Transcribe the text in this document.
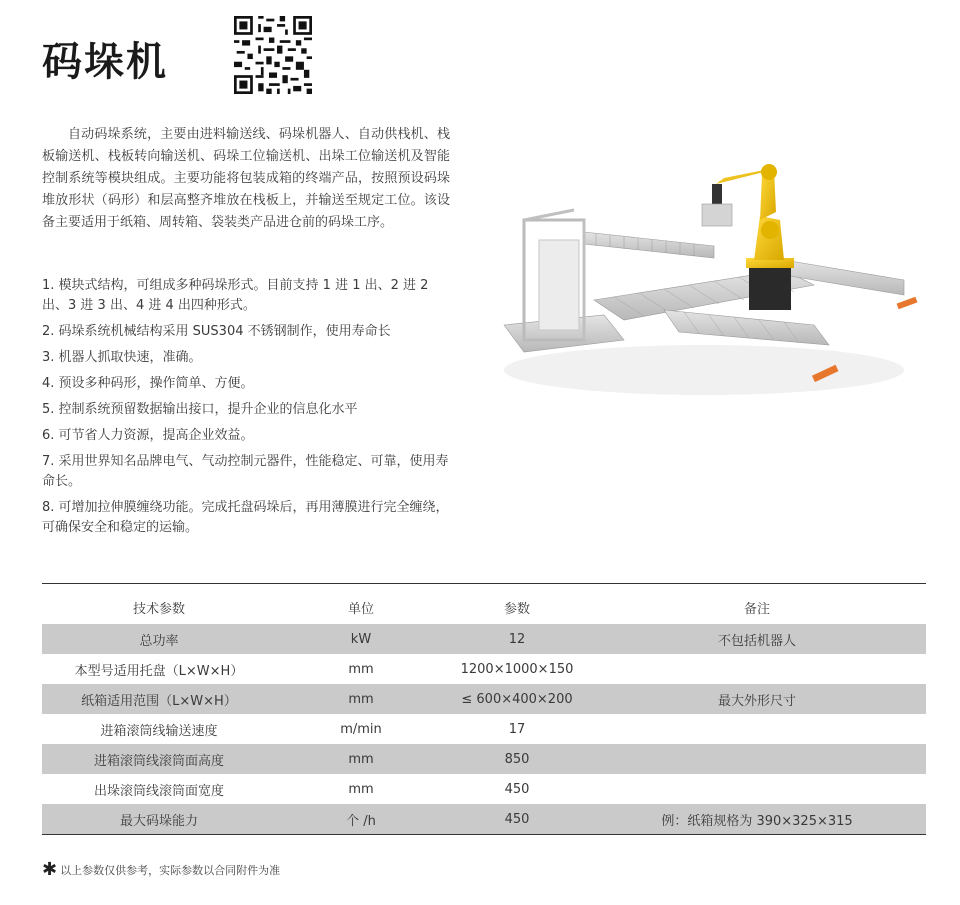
码垛机

自动码垛系统，主要由进料输送线、码垛机器人、自动供栈机、栈板输送机、栈板转向输送机、码垛工位输送机、出垛工位输送机及智能控制系统等模块组成。主要功能将包装成箱的终端产品，按照预设码垛堆放形状（码形）和层高整齐堆放在栈板上，并输送至规定工位。该设备主要适用于纸箱、周转箱、袋装类产品进仓前的码垛工序。

1. 模块式结构，可组成多种码垛形式。目前支持 1 进 1 出、2 进 2 出、3 进 3 出、4 进 4 出四种形式。
2. 码垛系统机械结构采用 SUS304 不锈钢制作，使用寿命长
3. 机器人抓取快速，准确。
4. 预设多种码形，操作简单、方便。
5. 控制系统预留数据输出接口，提升企业的信息化水平
6. 可节省人力资源，提高企业效益。
7. 采用世界知名品牌电气、气动控制元器件，性能稳定、可靠，使用寿命长。
8. 可增加拉伸膜缠绕功能。完成托盘码垛后，再用薄膜进行完全缠绕，可确保安全和稳定的运输。
技术参数	单位	参数	备注
总功率	kW	12	不包括机器人
本型号适用托盘（L×W×H）	mm	1200×1000×150	
纸箱适用范围（L×W×H）	mm	≤ 600×400×200	最大外形尺寸
进箱滚筒线输送速度	m/min	17	
进箱滚筒线滚筒面高度	mm	850	
出垛滚筒线滚筒面宽度	mm	450	
最大码垛能力	个 /h	450	例：纸箱规格为 390×325×315
✱ 以上参数仅供参考，实际参数以合同附件为准
